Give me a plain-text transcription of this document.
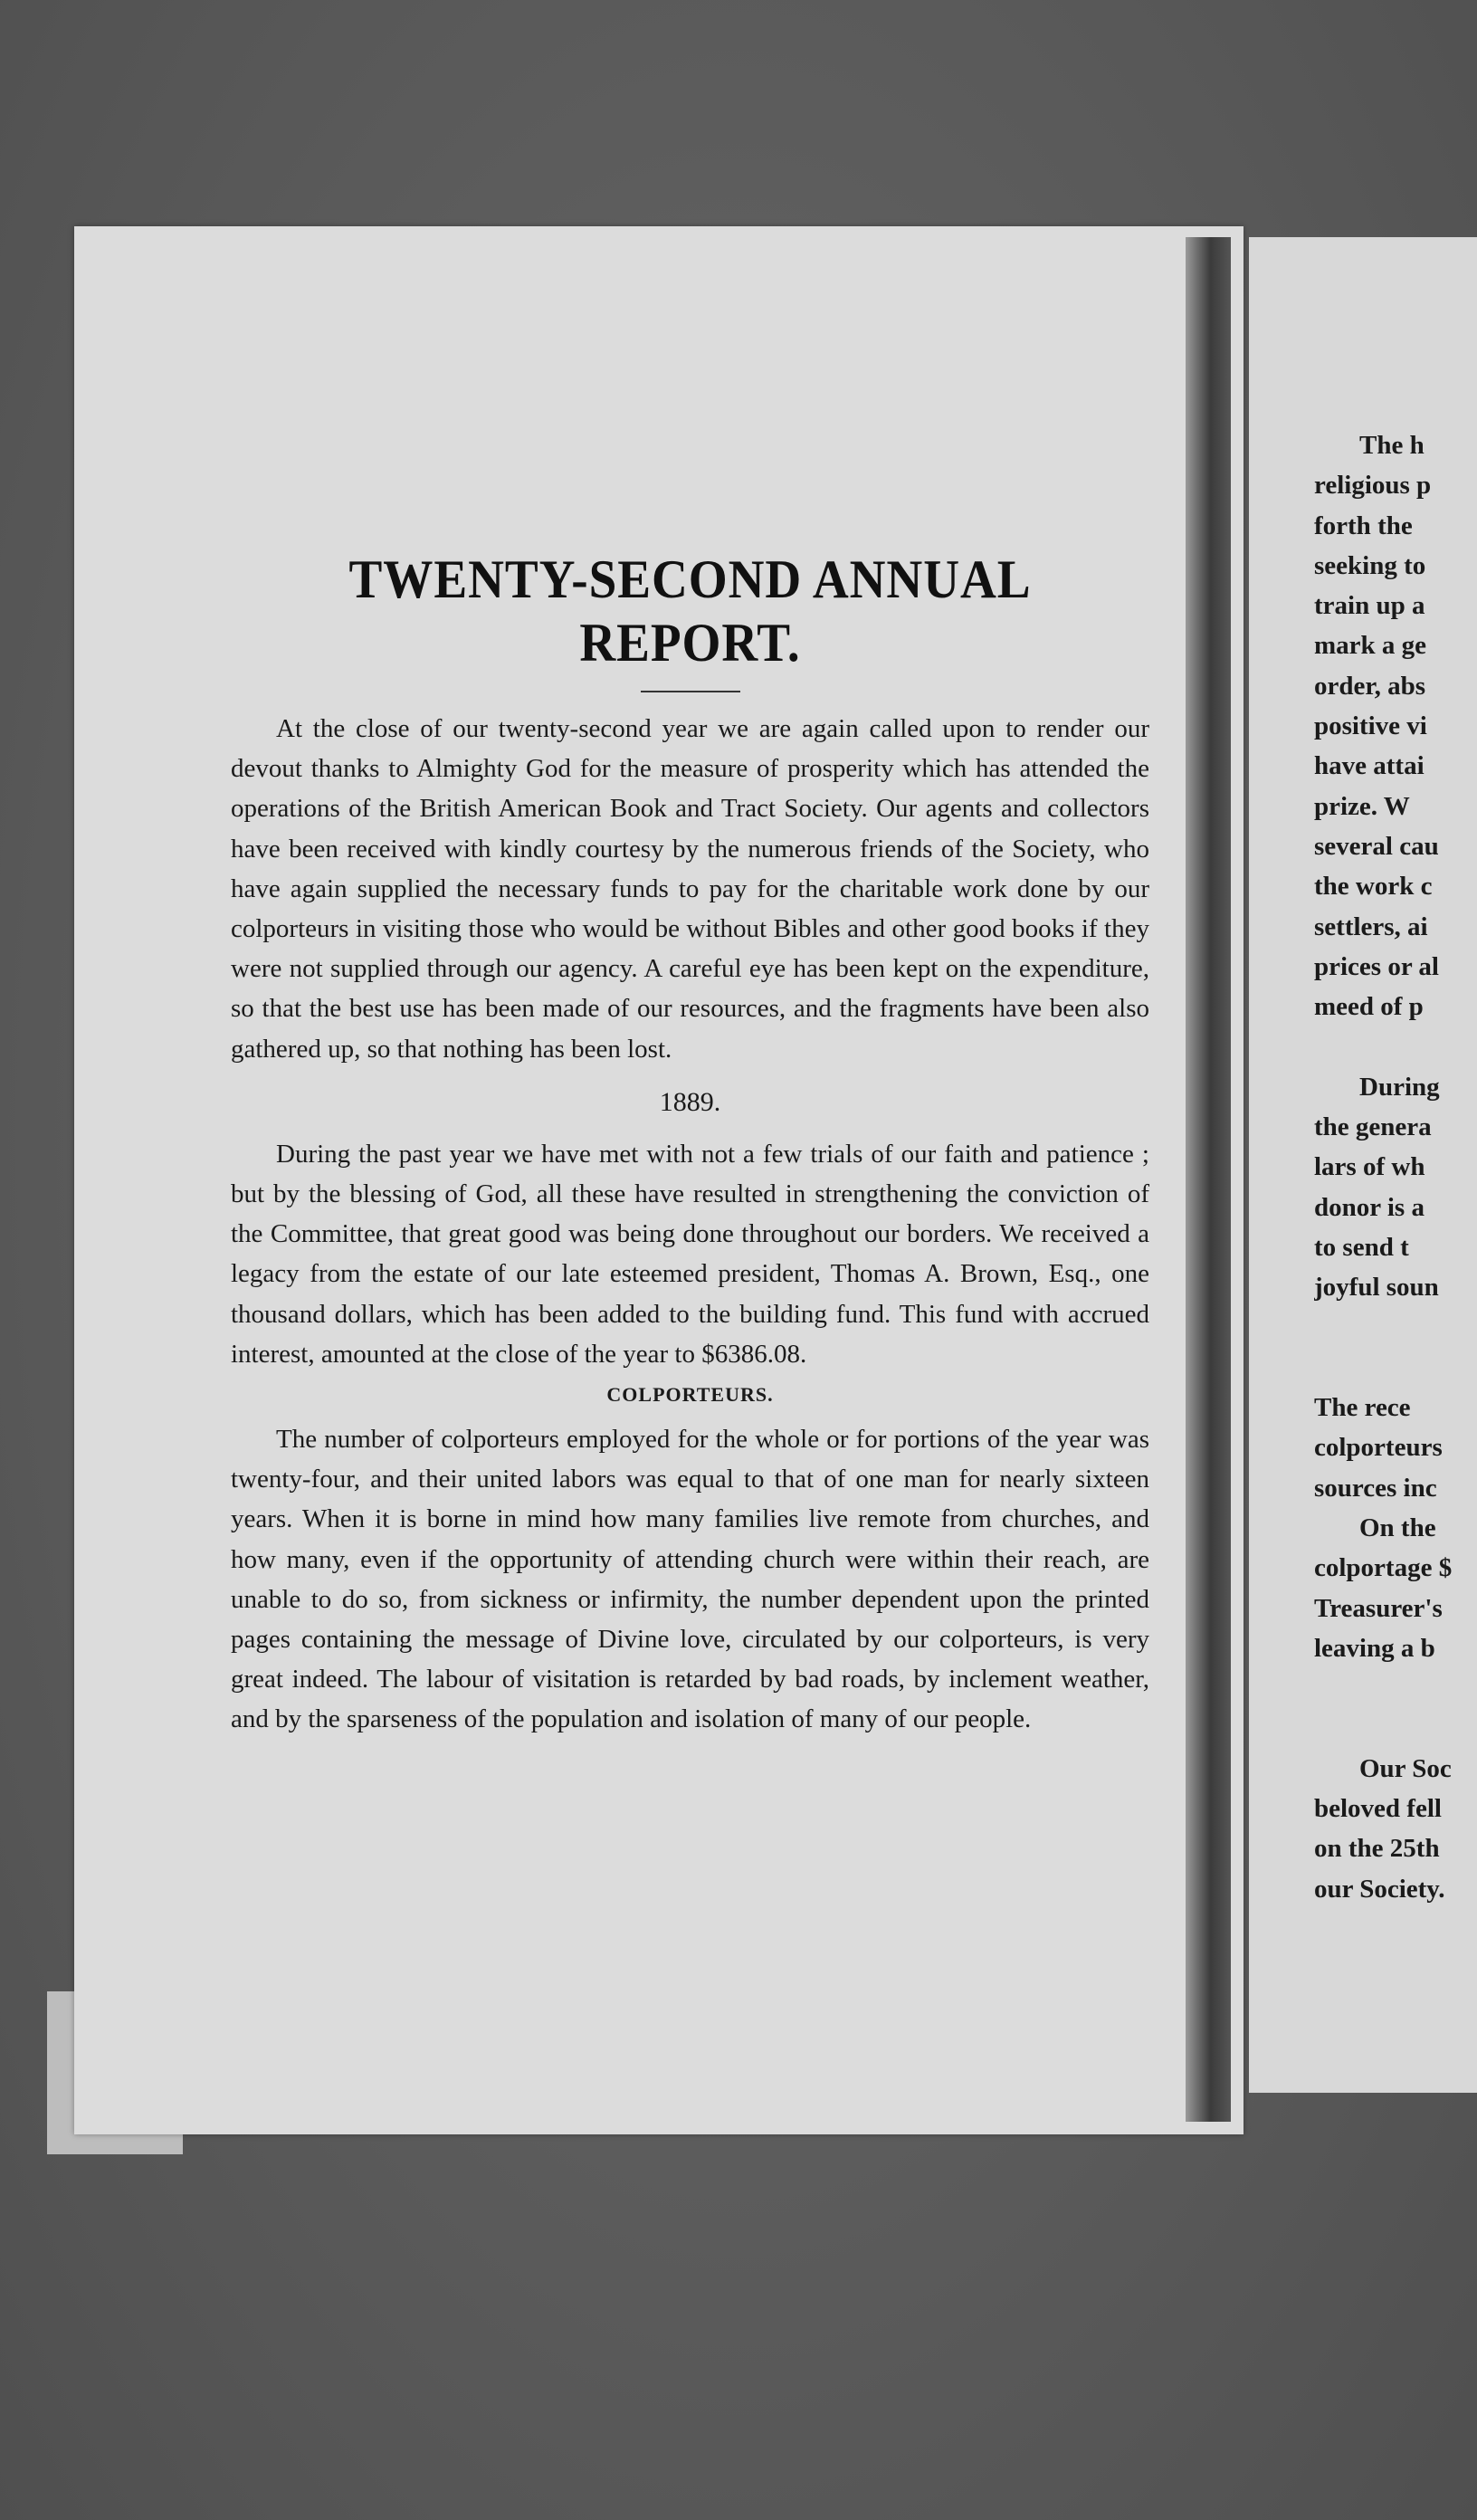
TWENTY-SECOND ANNUAL REPORT.

At the close of our twenty-second year we are again called upon to render our devout thanks to Almighty God for the measure of prosperity which has attended the operations of the British American Book and Tract Society. Our agents and collectors have been received with kindly courtesy by the numerous friends of the Society, who have again supplied the necessary funds to pay for the charitable work done by our colporteurs in visiting those who would be without Bibles and other good books if they were not supplied through our agency. A careful eye has been kept on the expenditure, so that the best use has been made of our resources, and the fragments have been also gathered up, so that nothing has been lost.

1889.

During the past year we have met with not a few trials of our faith and patience ; but by the blessing of God, all these have resulted in strengthening the conviction of the Committee, that great good was being done throughout our borders. We received a legacy from the estate of our late esteemed president, Thomas A. Brown, Esq., one thousand dollars, which has been added to the building fund. This fund with accrued interest, amounted at the close of the year to $6386.08.

COLPORTEURS.

The number of colporteurs employed for the whole or for portions of the year was twenty-four, and their united labors was equal to that of one man for nearly sixteen years. When it is borne in mind how many families live remote from churches, and how many, even if the opportunity of attending church were within their reach, are unable to do so, from sickness or infirmity, the number dependent upon the printed pages containing the message of Divine love, circulated by our colporteurs, is very great indeed. The labour of visitation is retarded by bad roads, by inclement weather, and by the sparseness of the population and isolation of many of our people.

The h
religious p
forth the
seeking to
train up a
mark a ge
order, abs
positive vi
have attai
prize. W
several cau
the work c
settlers, ai
prices or al
meed of p
During
the genera
lars of wh
donor is a
to send t
joyful soun
The rece
colporteurs
sources inc
On the
colportage $
Treasurer's
leaving a b
Our Soc
beloved fell
on the 25th
our Society.
